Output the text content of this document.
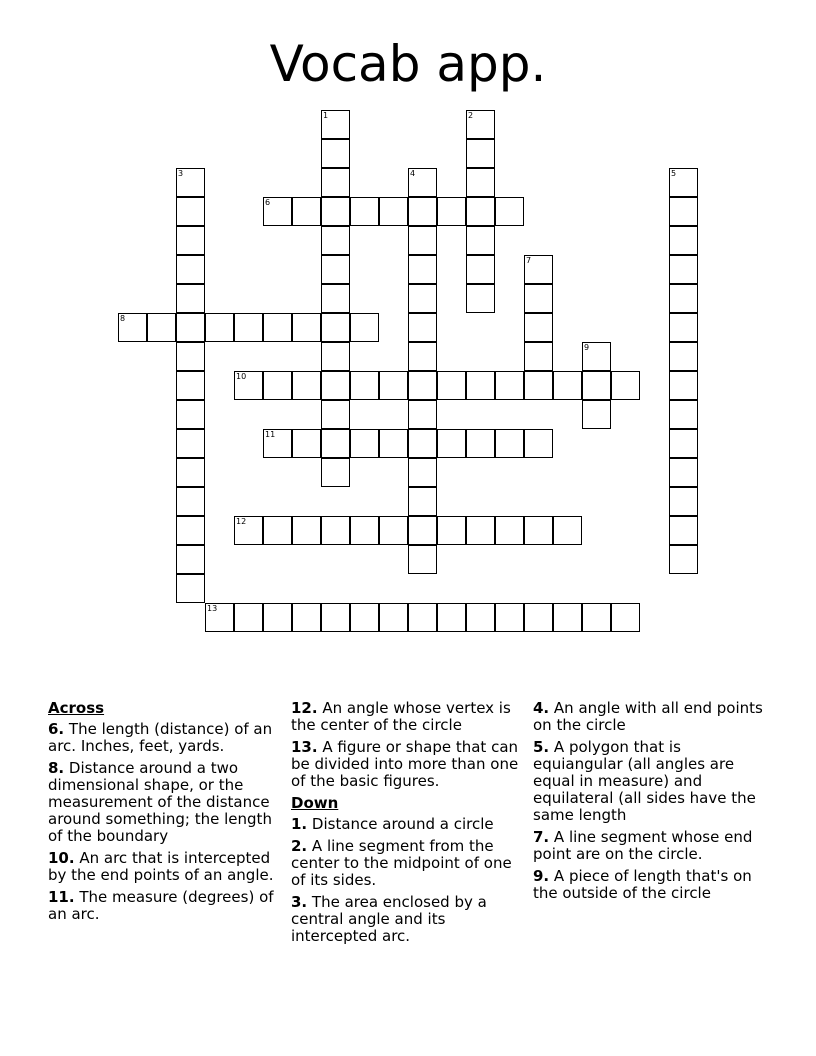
Vocab app.
1	2
3	4	5
6
7
8
9
10
11
12
13
Across
6. The length (distance) of an arc. Inches, feet, yards.
8. Distance around a two dimensional shape, or the measurement of the distance around something; the length of the boundary
10. An arc that is intercepted by the end points of an angle.
11. The measure (degrees) of an arc.
12. An angle whose vertex is the center of the circle
13. A figure or shape that can be divided into more than one of the basic figures.
Down
1. Distance around a circle
2. A line segment from the center to the midpoint of one of its sides.
3. The area enclosed by a central angle and its intercepted arc.
4. An angle with all end points on the circle
5. A polygon that is equiangular (all angles are equal in measure) and equilateral (all sides have the same length
7. A line segment whose end point are on the circle.
9. A piece of length that's on the outside of the circle
